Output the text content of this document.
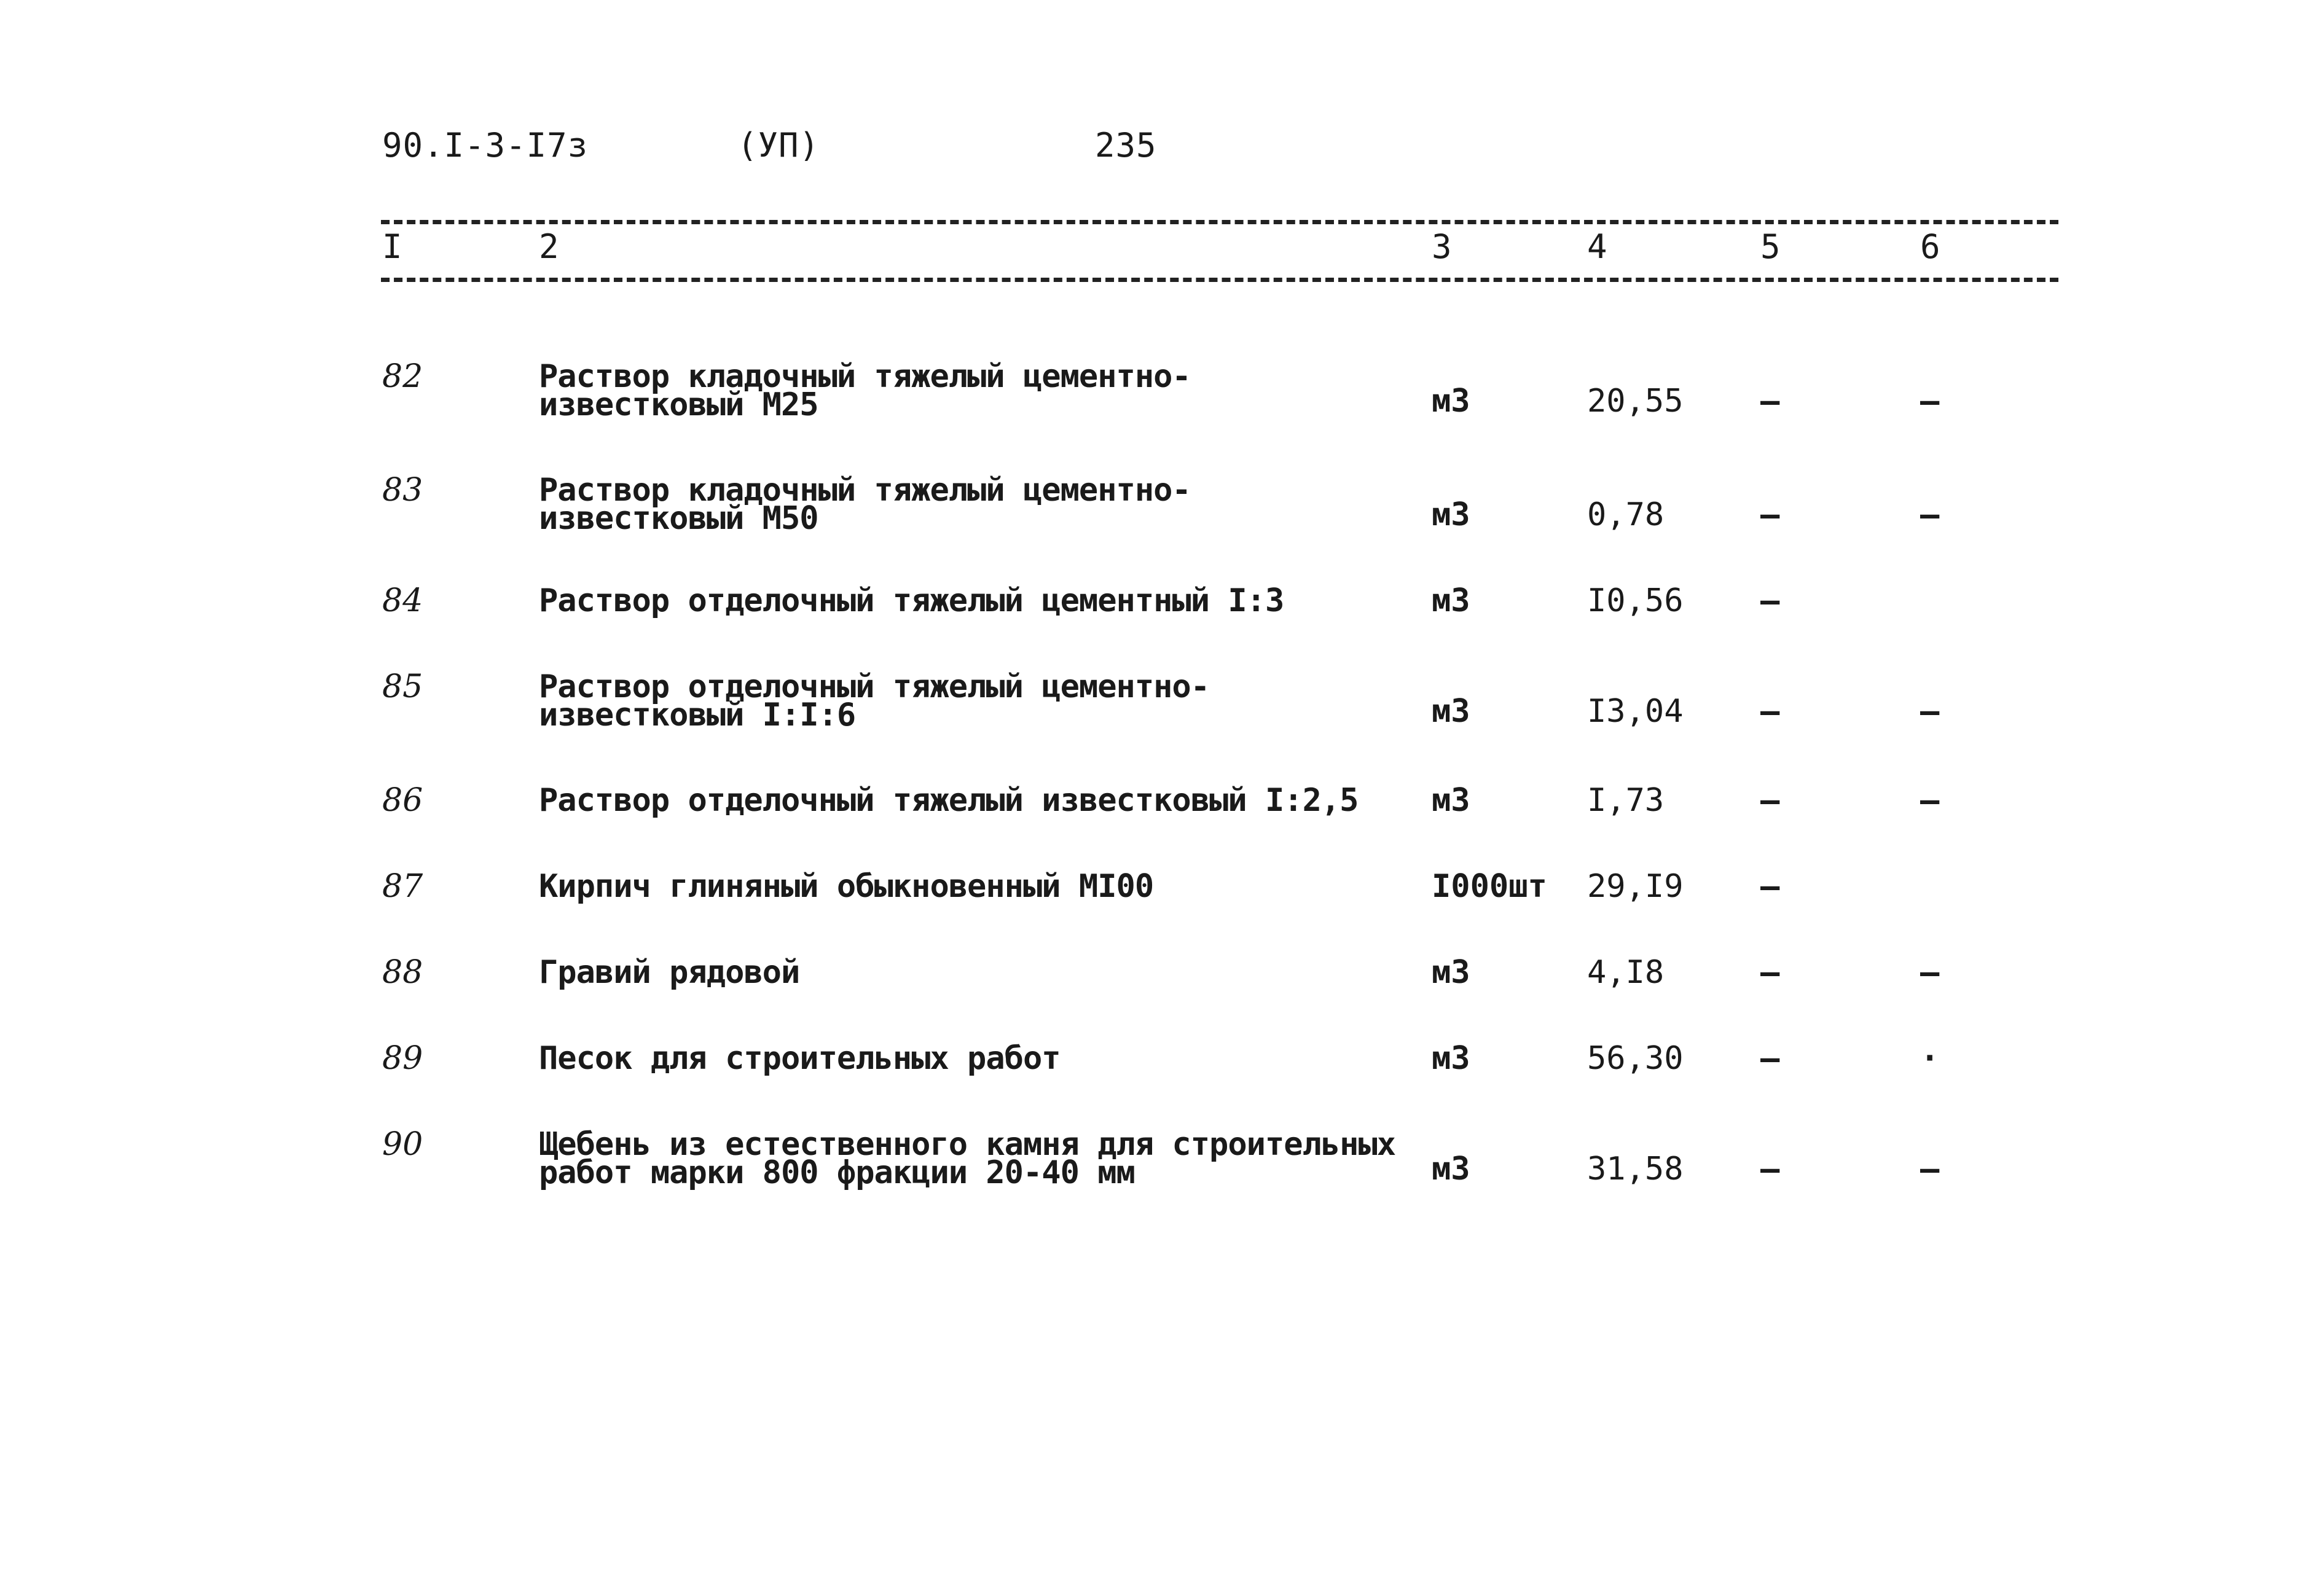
90.І-3-І7з	(УП)	235
I	2	3	4	5	6
82	Раствор кладочный тяжелый цементно-
известковый М25	м3	20,55 –	–
83	Раствор кладочный тяжелый цементно-
известковый М50	м3	0,78	–	–
84	Раствор отделочный тяжелый цементный I:3	м3	I0,56 –
85	Раствор отделочный тяжелый цементно-
известковый I:I:6	м3	I3,04 –	–
86	Раствор отделочный тяжелый известковый I:2,5 м3	I,73	–	–
87	Кирпич глиняный обыкновенный МI00	I000шт 29,I9 –
88	Гравий рядовой	м3	4,I8	–	–
89	Песок для строительных работ	м3	56,30 –	·
90	Щебень из естественного камня для строительных
работ марки 800 фракции 20-40 мм	м3	31,58 –	–
